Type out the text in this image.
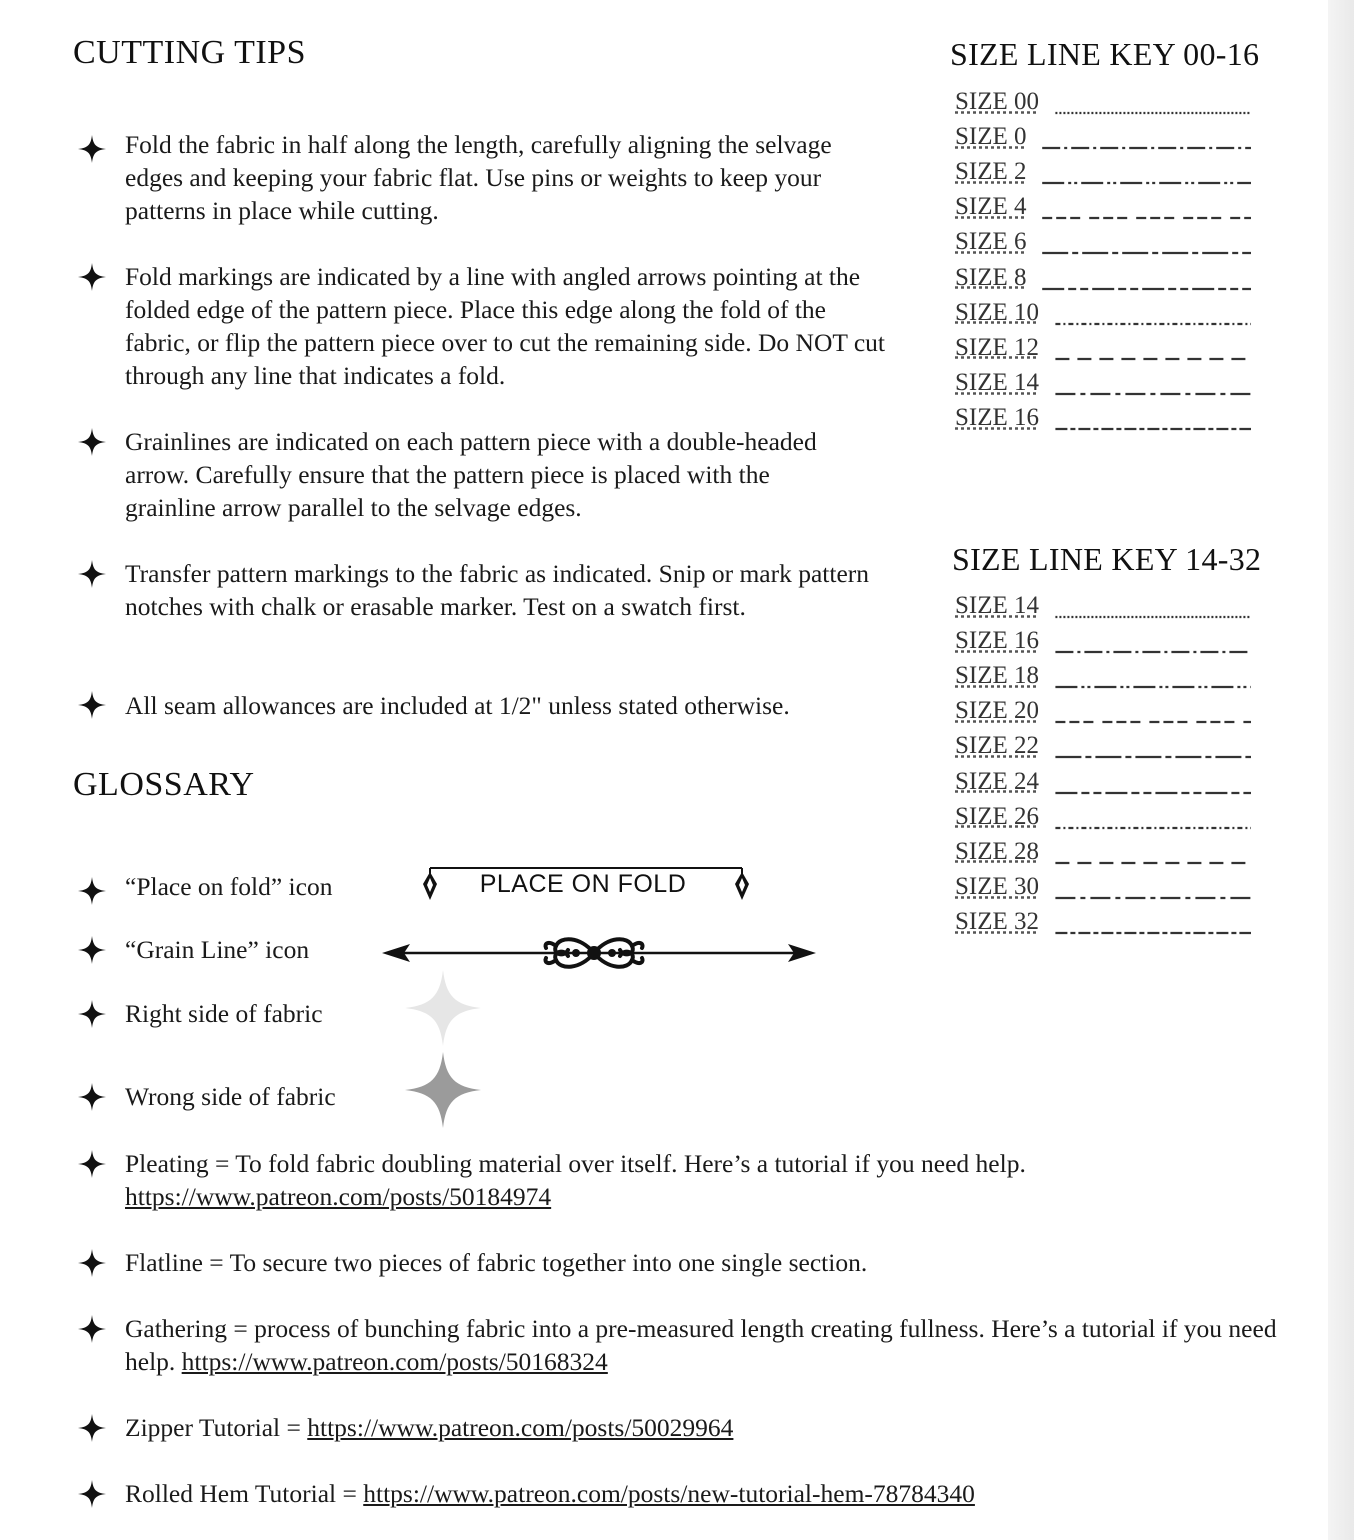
CUTTING TIPS

Fold the fabric in half along the length, carefully aligning the selvage edges and keeping your fabric flat. Use pins or weights to keep your patterns in place while cutting.

Fold markings are indicated by a line with angled arrows pointing at the folded edge of the pattern piece. Place this edge along the fold of the fabric, or flip the pattern piece over to cut the remaining side. Do NOT cut through any line that indicates a fold.

Grainlines are indicated on each pattern piece with a double-headed arrow. Carefully ensure that the pattern piece is placed with the grainline arrow parallel to the selvage edges.

Transfer pattern markings to the fabric as indicated. Snip or mark pattern notches with chalk or erasable marker. Test on a swatch first.

All seam allowances are included at 1/2" unless stated otherwise.

GLOSSARY

“Place on fold” icon	PLACE ON FOLD

“Grain Line” icon

Right side of fabric

Wrong side of fabric

Pleating = To fold fabric doubling material over itself. Here’s a tutorial if you need help. https://www.patreon.com/posts/50184974

Flatline = To secure two pieces of fabric together into one single section.

Gathering = process of bunching fabric into a pre-measured length creating fullness. Here’s a tutorial if you need help. https://www.patreon.com/posts/50168324

Zipper Tutorial = https://www.patreon.com/posts/50029964

Rolled Hem Tutorial = https://www.patreon.com/posts/new-tutorial-hem-78784340

SIZE LINE KEY 00-16
SIZE 00
SIZE 0
SIZE 2
SIZE 4
SIZE 6
SIZE 8
SIZE 10
SIZE 12
SIZE 14
SIZE 16
SIZE LINE KEY 14-32
SIZE 14
SIZE 16
SIZE 18
SIZE 20
SIZE 22
SIZE 24
SIZE 26
SIZE 28
SIZE 30
SIZE 32
